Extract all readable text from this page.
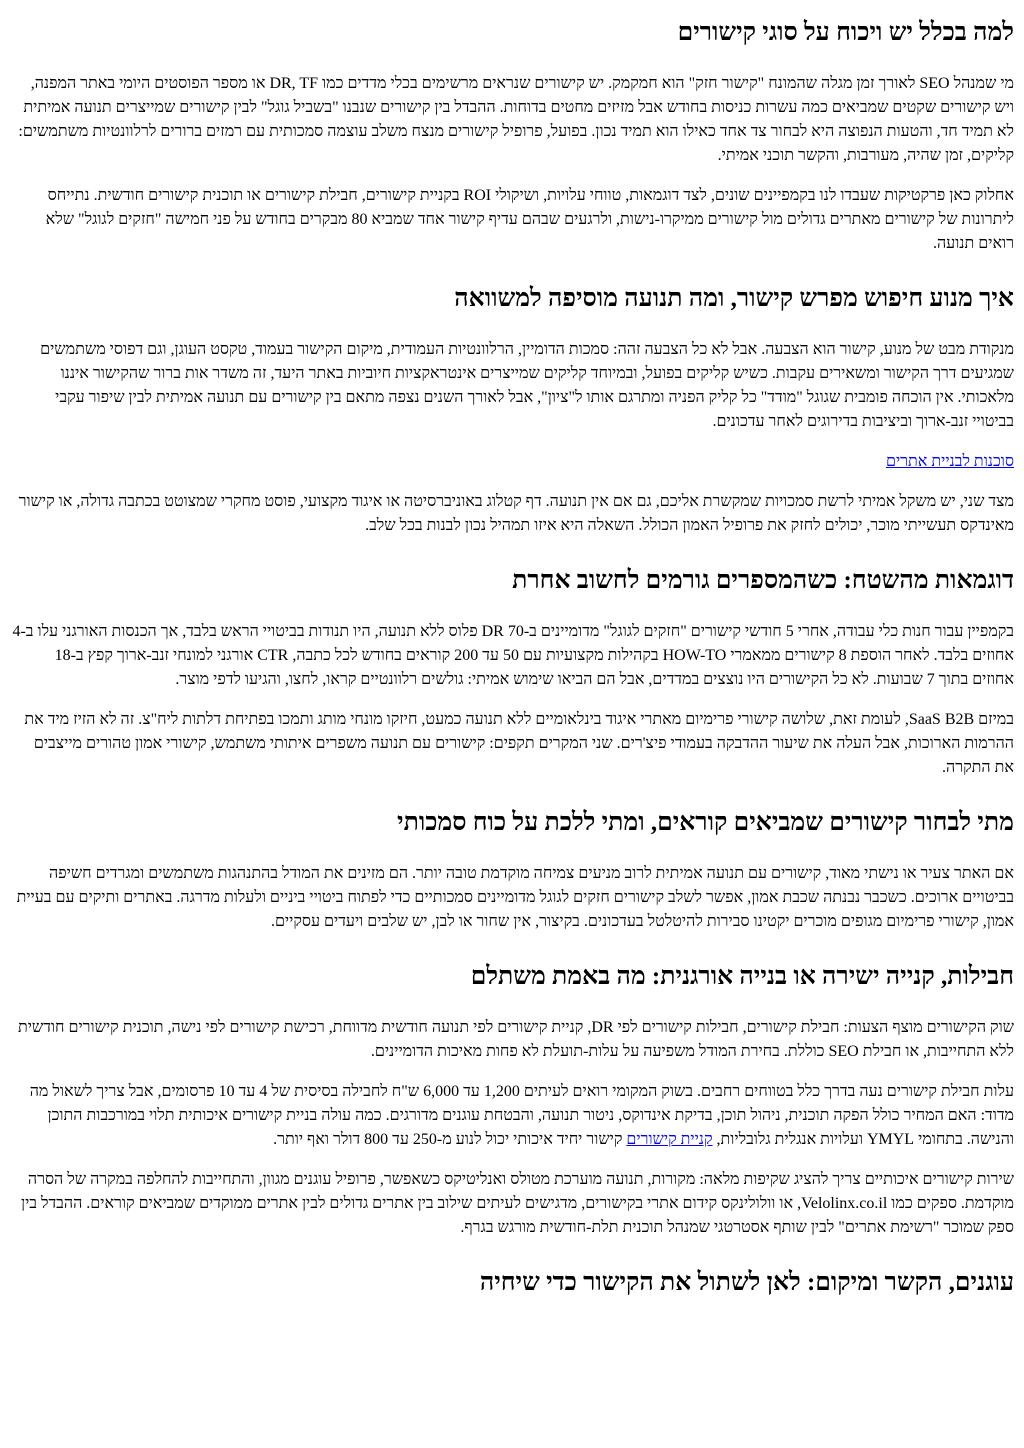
למה בכלל יש ויכוח על סוגי קישורים

מי שמנהל SEO לאורך זמן מגלה שהמונח "קישור חזק" הוא חמקמק. יש קישורים שנראים מרשימים בכלי מדדים כמו DR, TF או מספר הפוסטים היומי באתר המפנה, ויש קישורים שקטים שמביאים כמה עשרות כניסות בחודש אבל מזיזים מחטים בדוחות. ההבדל בין קישורים שנבנו "בשביל גוגל" לבין קישורים שמייצרים תנועה אמיתית לא תמיד חד, והטעות הנפוצה היא לבחור צד אחד כאילו הוא תמיד נכון. בפועל, פרופיל קישורים מנצח משלב עוצמה סמכותית עם רמזים ברורים לרלוונטיות משתמשים: קליקים, זמן שהיה, מעורבות, והקשר תוכני אמיתי.

אחלוק כאן פרקטיקות שעבדו לנו בקמפיינים שונים, לצד דוגמאות, טווחי עלויות, ושיקולי ROI בקניית קישורים, חבילת קישורים או תוכנית קישורים חודשית. נתייחס ליתרונות של קישורים מאתרים גדולים מול קישורים ממיקרו-נישות, ולרגעים שבהם עדיף קישור אחד שמביא 80 מבקרים בחודש על פני חמישה "חזקים לגוגל" שלא רואים תנועה.

איך מנוע חיפוש מפרש קישור, ומה תנועה מוסיפה למשוואה

מנקודת מבט של מנוע, קישור הוא הצבעה. אבל לא כל הצבעה זהה: סמכות הדומיין, הרלוונטיות העמודית, מיקום הקישור בעמוד, טקסט העוגן, וגם דפוסי משתמשים שמגיעים דרך הקישור ומשאירים עקבות. כשיש קליקים בפועל, ובמיוחד קליקים שמייצרים אינטראקציות חיוביות באתר היעד, זה משדר אות ברור שהקישור איננו מלאכותי. אין הוכחה פומבית שגוגל "מודד" כל קליק הפניה ומתרגם אותו ל"ציון", אבל לאורך השנים נצפה מתאם בין קישורים עם תנועה אמיתית לבין שיפור עקבי בביטויי זנב-ארוך וביציבות בדירוגים לאחר עדכונים.

סוכנות לבניית אתרים

מצד שני, יש משקל אמיתי לרשת סמכויות שמקשרת אליכם, גם אם אין תנועה. דף קטלוג באוניברסיטה או איגוד מקצועי, פוסט מחקרי שמצוטט בכתבה גדולה, או קישור מאינדקס תעשייתי מוכר, יכולים לחזק את פרופיל האמון הכולל. השאלה היא איזו תמהיל נכון לבנות בכל שלב.

דוגמאות מהשטח: כשהמספרים גורמים לחשוב אחרת

בקמפיין עבור חנות כלי עבודה, אחרי 5 חודשי קישורים "חזקים לגוגל" מדומיינים ב-DR 70 פלוס ללא תנועה, היו תנודות בביטויי הראש בלבד, אך הכנסות האורגני עלו ב-4 אחוזים בלבד. לאחר הוספת 8 קישורים ממאמרי HOW-TO בקהילות מקצועיות עם 50 עד 200 קוראים בחודש לכל כתבה, CTR אורגני למונחי זנב-ארוך קפץ ב-18 אחוזים בתוך 7 שבועות. לא כל הקישורים היו נוצצים במדדים, אבל הם הביאו שימוש אמיתי: גולשים רלוונטיים קראו, לחצו, והגיעו לדפי מוצר.

במיזם SaaS B2B, לעומת זאת, שלושה קישורי פרימיום מאתרי איגוד בינלאומיים ללא תנועה כמעט, חיזקו מונחי מותג ותמכו בפתיחת דלתות ליח"צ. זה לא הזיז מיד את ההרמות הארוכות, אבל העלה את שיעור ההדבקה בעמודי פיצ'רים. שני המקרים תקפים: קישורים עם תנועה משפרים איתותי משתמש, קישורי אמון טהורים מייצבים את התקרה.

מתי לבחור קישורים שמביאים קוראים, ומתי ללכת על כוח סמכותי

אם האתר צעיר או נישתי מאוד, קישורים עם תנועה אמיתית לרוב מניעים צמיחה מוקדמת טובה יותר. הם מזינים את המודל בהתנהגות משתמשים ומגרדים חשיפה בביטויים ארוכים. כשכבר נבנתה שכבת אמון, אפשר לשלב קישורים חזקים לגוגל מדומיינים סמכותיים כדי לפתוח ביטויי ביניים ולעלות מדרגה. באתרים ותיקים עם בעיית אמון, קישורי פרימיום מגופים מוכרים יקטינו סבירות להיטלטל בעדכונים. בקיצור, אין שחור או לבן, יש שלבים ויעדים עסקיים.

חבילות, קנייה ישירה או בנייה אורגנית: מה באמת משתלם

שוק הקישורים מוצף הצעות: חבילת קישורים, חבילות קישורים לפי DR, קניית קישורים לפי תנועה חודשית מדווחת, רכישת קישורים לפי נישה, תוכנית קישורים חודשית ללא התחייבות, או חבילת SEO כוללת. בחירת המודל משפיעה על עלות-תועלת לא פחות מאיכות הדומיינים.

עלות חבילת קישורים נעה בדרך כלל בטווחים רחבים. בשוק המקומי רואים לעיתים 1,200 עד 6,000 ש"ח לחבילה בסיסית של 4 עד 10 פרסומים, אבל צריך לשאול מה מדוד: האם המחיר כולל הפקה תוכנית, ניהול תוכן, בדיקת אינדוקס, ניטור תנועה, והבטחת עוגנים מדורגים. כמה עולה בניית קישורים איכותית תלוי במורכבות התוכן והנישה. בתחומי YMYL ועלויות אנגלית גלובליות, קניית קישורים קישור יחיד איכותי יכול לנוע מ-250 עד 800 דולר ואף יותר.

שירות קישורים איכותיים צריך להציג שקיפות מלאה: מקורות, תנועה מוערכת מטולס ואנליטיקס כשאפשר, פרופיל עוגנים מגוון, והתחייבות להחלפה במקרה של הסרה מוקדמת. ספקים כמו Velolinx.co.il, או וולולינקס קידום אתרי בקישורים, מדגישים לעיתים שילוב בין אתרים גדולים לבין אתרים ממוקדים שמביאים קוראים. ההבדל בין ספק שמוכר "רשימת אתרים" לבין שותף אסטרטגי שמנהל תוכנית תלת-חודשית מורגש בגרף.

עוגנים, הקשר ומיקום: לאן לשתול את הקישור כדי שיחיה
